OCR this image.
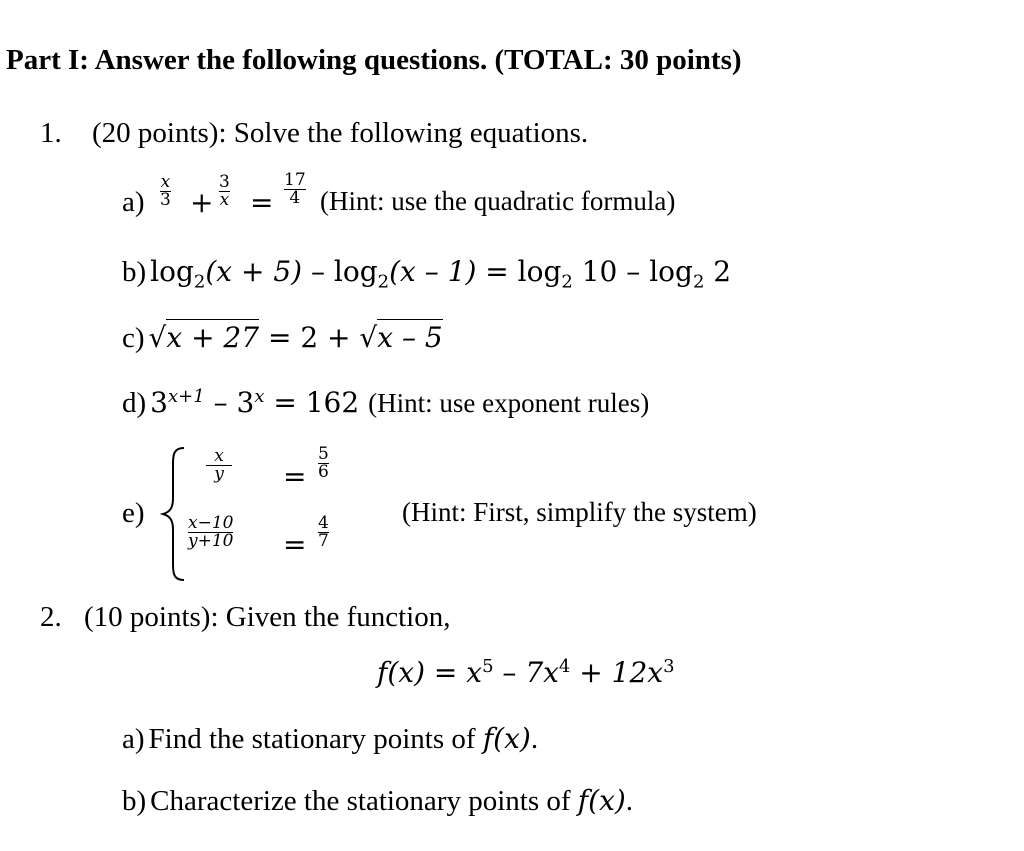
Part I: Answer the following questions. (TOTAL: 30 points)
1. (20 points): Solve the following equations.
a)
x
3 +
3
x =
17
4 (Hint: use the quadratic formula)
b) $\log_2(x + 5) - \log_2(x - 1) = \log_2 10 - \log_2 2$
c) √x + 27 = 2 + √x – 5
d) $3^{x+1} - 3^x = 162$ (Hint: use exponent rules)
e)
x
y =
5
6
x−10
y+10 =
4
7
(Hint: First, simplify the system)
2. (10 points): Given the function,
$f(x) = x^5 - 7x^4 + 12x^3$
a) Find the stationary points of f(x).
b) Characterize the stationary points of f(x).
